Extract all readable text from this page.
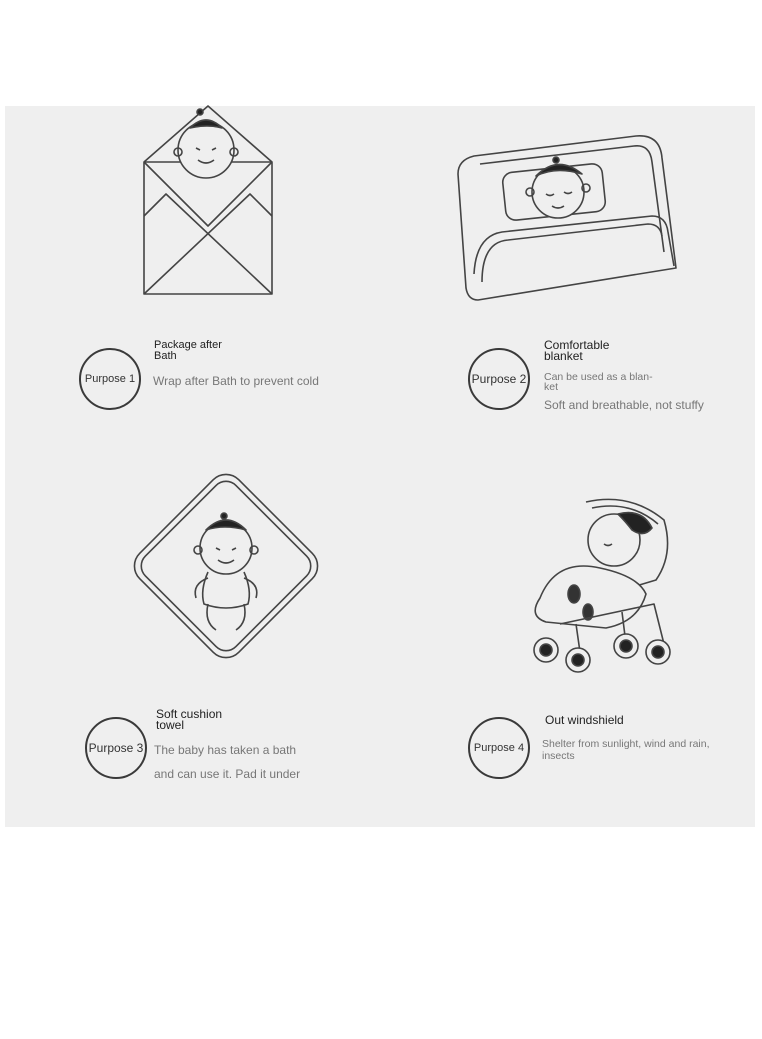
Purpose 1
Package after
Bath
Wrap after Bath to prevent cold	Purpose 2
Comfortable
blanket
Can be used as a blan-
ket
Soft and breathable, not stuffy
Purpose 3
Soft cushion
towel
The baby has taken a bath
and can use it. Pad it under
Purpose 4
Out windshield
Shelter from sunlight, wind and rain,
insects
